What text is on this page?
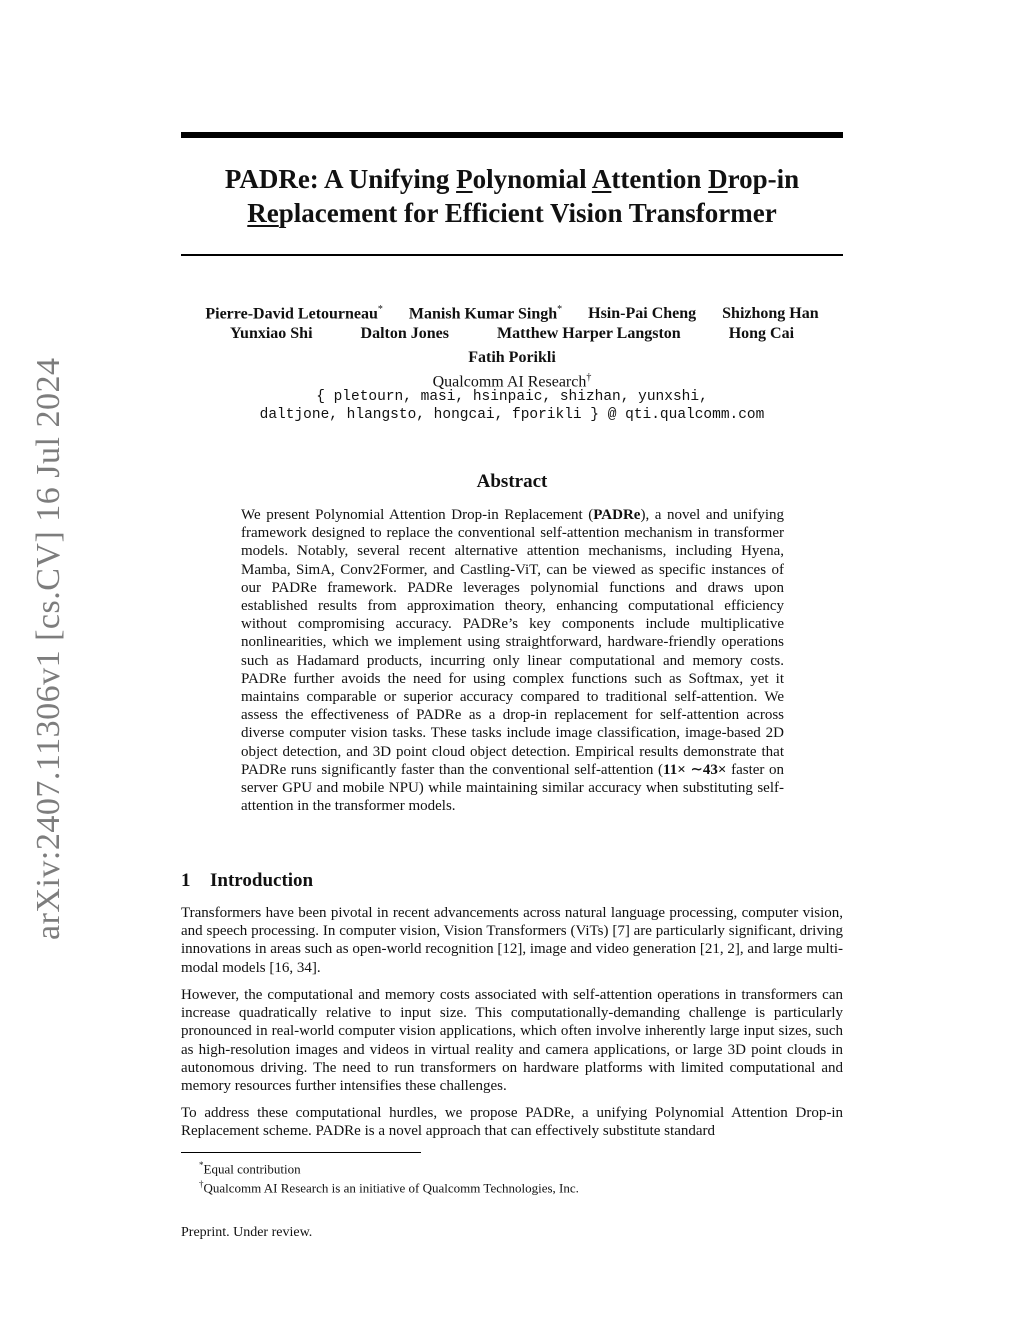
arXiv:2407.11306v1 [cs.CV] 16 Jul 2024
PADRe: A Unifying Polynomial Attention Drop-in
Replacement for Efficient Vision Transformer
Pierre-David Letourneau* Manish Kumar Singh* Hsin-Pai Cheng Shizhong Han
Yunxiao Shi	Dalton Jones	Matthew Harper Langston	Hong Cai
Fatih Porikli
Qualcomm AI Research†
{ pletourn, masi, hsinpaic, shizhan, yunxshi,
daltjone, hlangsto, hongcai, fporikli } @ qti.qualcomm.com
Abstract
We present Polynomial Attention Drop-in Replacement (PADRe), a novel and unifying framework designed to replace the conventional self-attention mechanism in transformer models. Notably, several recent alternative attention mechanisms, including Hyena, Mamba, SimA, Conv2Former, and Castling-ViT, can be viewed as specific instances of our PADRe framework. PADRe leverages polynomial functions and draws upon established results from approximation theory, enhancing computational efficiency without compromising accuracy. PADRe’s key components include multiplicative nonlinearities, which we implement using straightforward, hardware-friendly operations such as Hadamard products, incurring only linear computational and memory costs. PADRe further avoids the need for using complex functions such as Softmax, yet it maintains comparable or superior accuracy compared to traditional self-attention. We assess the effectiveness of PADRe as a drop-in replacement for self-attention across diverse computer vision tasks. These tasks include image classification, image-based 2D object detection, and 3D point cloud object detection. Empirical results demonstrate that PADRe runs significantly faster than the conventional self-attention (11× ∼43× faster on server GPU and mobile NPU) while maintaining similar accuracy when substituting self-attention in the transformer models.
1 Introduction
Transformers have been pivotal in recent advancements across natural language processing, computer vision, and speech processing. In computer vision, Vision Transformers (ViTs) [7] are particularly significant, driving innovations in areas such as open-world recognition [12], image and video generation [21, 2], and large multi-modal models [16, 34].
However, the computational and memory costs associated with self-attention operations in transformers can increase quadratically relative to input size. This computationally-demanding challenge is particularly pronounced in real-world computer vision applications, which often involve inherently large input sizes, such as high-resolution images and videos in virtual reality and camera applications, or large 3D point clouds in autonomous driving. The need to run transformers on hardware platforms with limited computational and memory resources further intensifies these challenges.
To address these computational hurdles, we propose PADRe, a unifying Polynomial Attention Drop-in Replacement scheme. PADRe is a novel approach that can effectively substitute standard
*Equal contribution
†Qualcomm AI Research is an initiative of Qualcomm Technologies, Inc.
Preprint. Under review.
